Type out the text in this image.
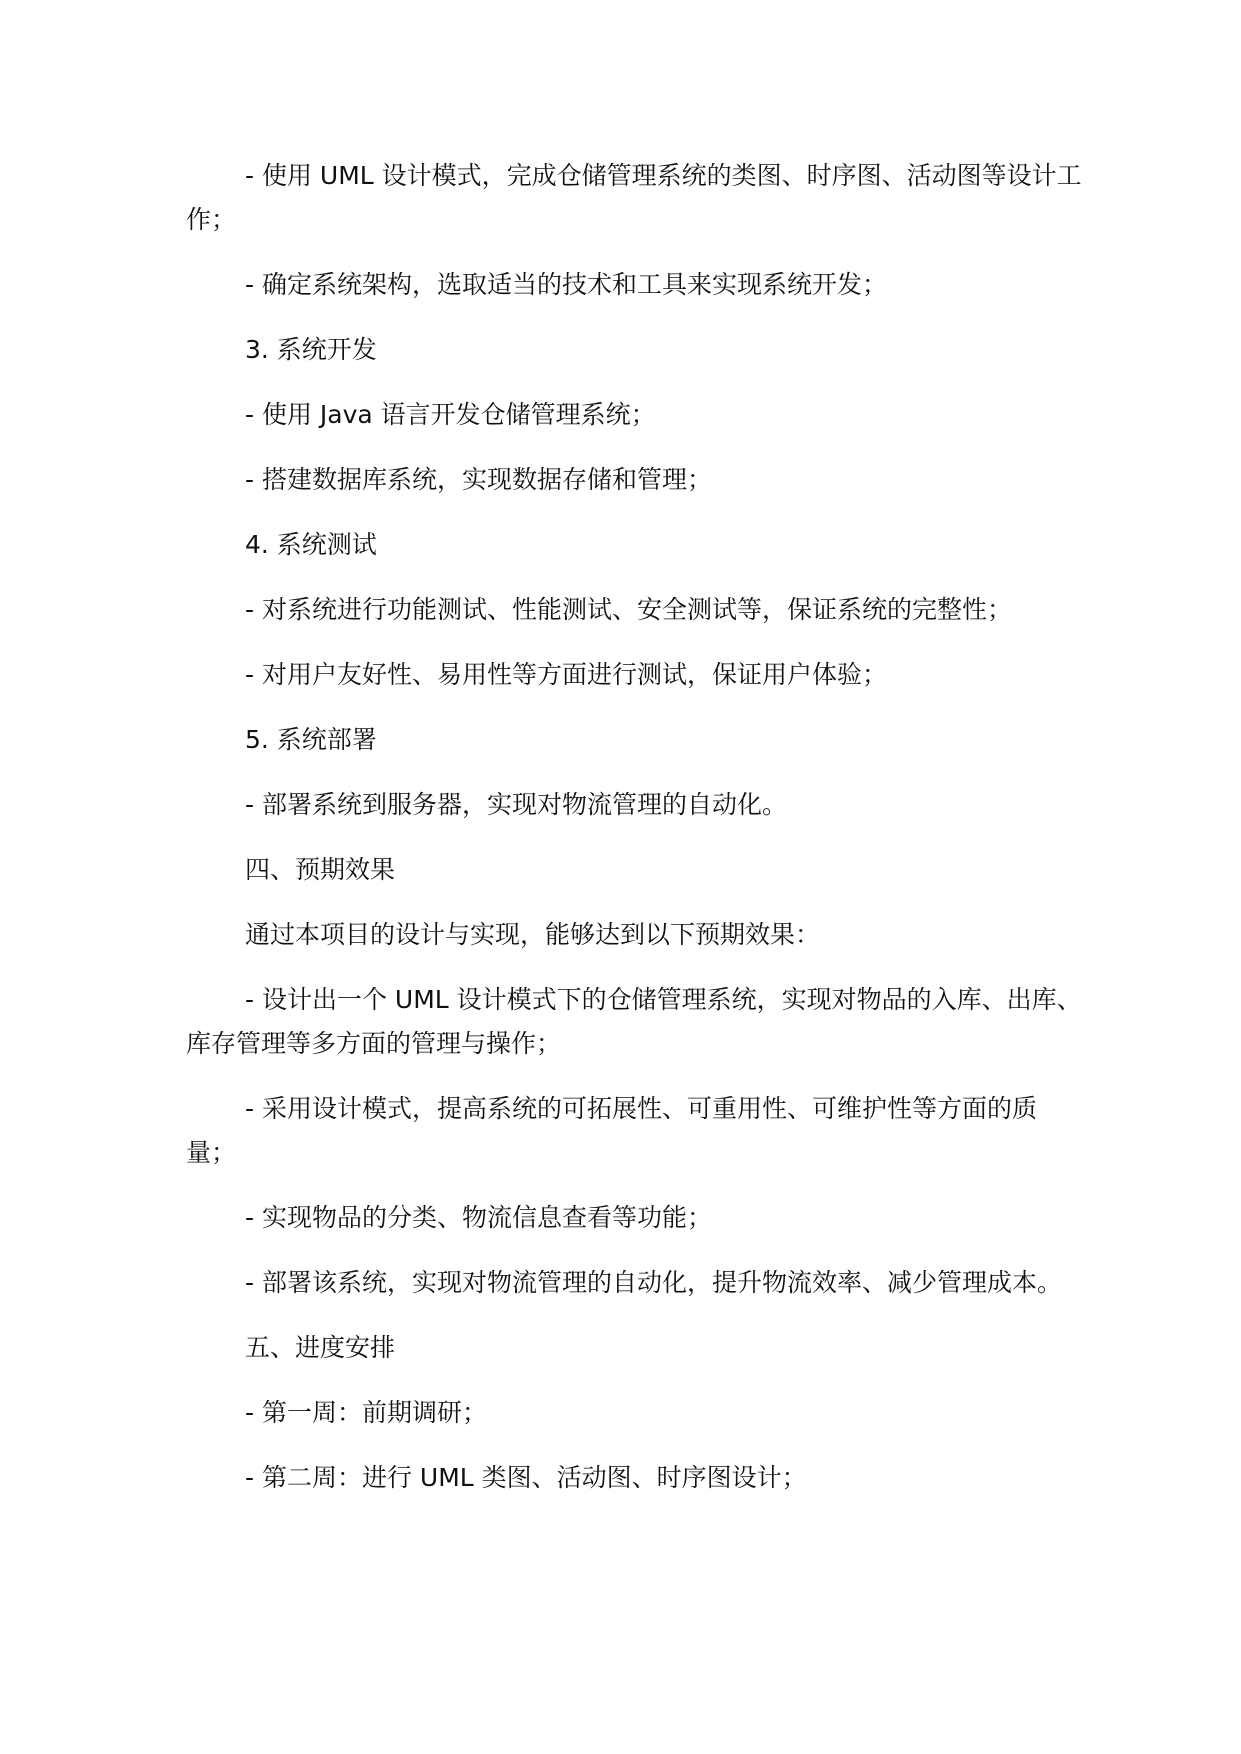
- 使用 UML 设计模式，完成仓储管理系统的类图、时序图、活动图等设计工作；

- 确定系统架构，选取适当的技术和工具来实现系统开发；

3. 系统开发

- 使用 Java 语言开发仓储管理系统；

- 搭建数据库系统，实现数据存储和管理；

4. 系统测试

- 对系统进行功能测试、性能测试、安全测试等，保证系统的完整性；

- 对用户友好性、易用性等方面进行测试，保证用户体验；

5. 系统部署

- 部署系统到服务器，实现对物流管理的自动化。

四、预期效果

通过本项目的设计与实现，能够达到以下预期效果：

- 设计出一个 UML 设计模式下的仓储管理系统，实现对物品的入库、出库、库存管理等多方面的管理与操作；

- 采用设计模式，提高系统的可拓展性、可重用性、可维护性等方面的质量；

- 实现物品的分类、物流信息查看等功能；

- 部署该系统，实现对物流管理的自动化，提升物流效率、减少管理成本。

五、进度安排

- 第一周：前期调研；

- 第二周：进行 UML 类图、活动图、时序图设计；
